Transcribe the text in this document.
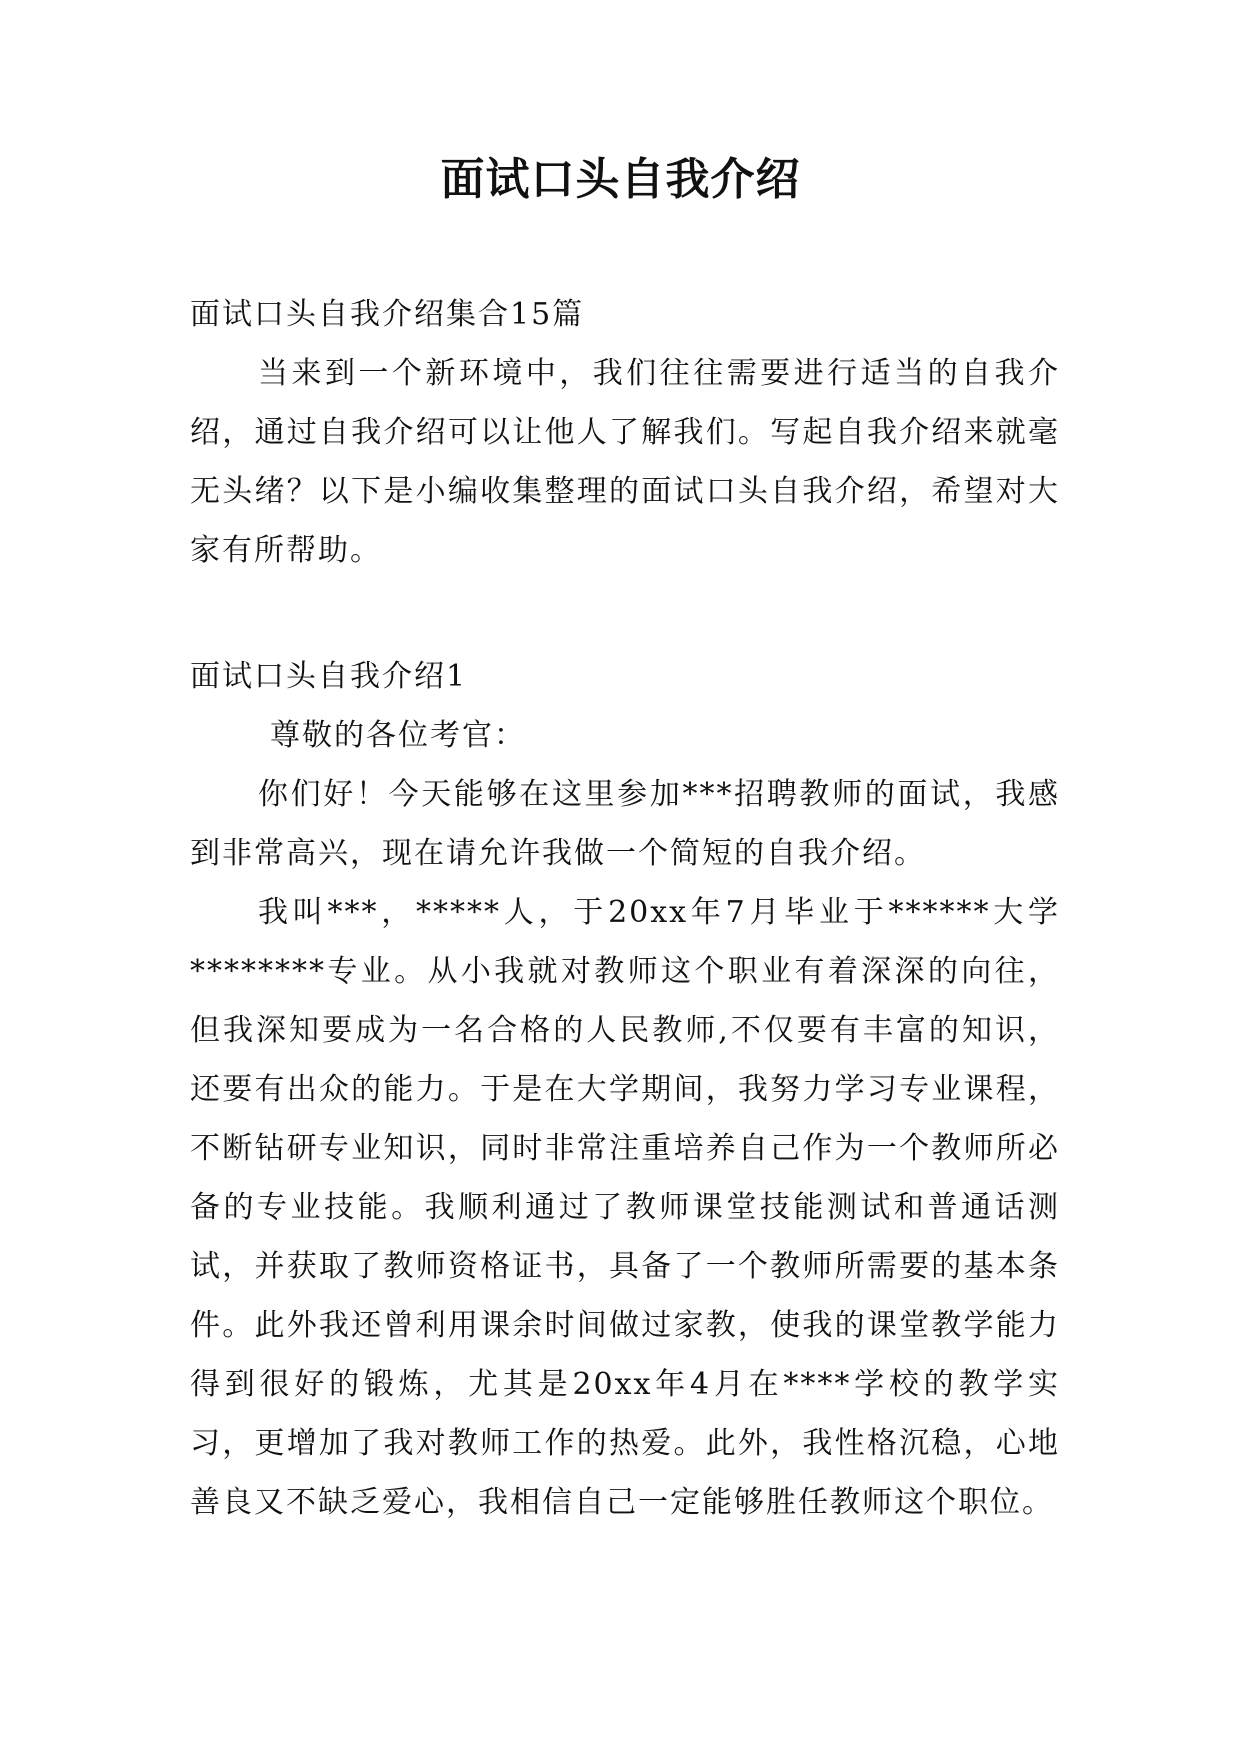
面试口头自我介绍

面试口头自我介绍集合15篇

当来到一个新环境中，我们往往需要进行适当的自我介绍，通过自我介绍可以让他人了解我们。写起自我介绍来就毫无头绪？以下是小编收集整理的面试口头自我介绍，希望对大家有所帮助。

面试口头自我介绍1

尊敬的各位考官：

你们好！今天能够在这里参加***招聘教师的面试，我感到非常高兴，现在请允许我做一个简短的自我介绍。

我叫***，*****人，于20xx年7月毕业于******大学********专业。从小我就对教师这个职业有着深深的向往，但我深知要成为一名合格的人民教师,不仅要有丰富的知识，还要有出众的能力。于是在大学期间，我努力学习专业课程，不断钻研专业知识，同时非常注重培养自己作为一个教师所必备的专业技能。我顺利通过了教师课堂技能测试和普通话测试，并获取了教师资格证书，具备了一个教师所需要的基本条件。此外我还曾利用课余时间做过家教，使我的课堂教学能力得到很好的锻炼，尤其是20xx年4月在****学校的教学实习，更增加了我对教师工作的热爱。此外，我性格沉稳，心地善良又不缺乏爱心，我相信自己一定能够胜任教师这个职位。
